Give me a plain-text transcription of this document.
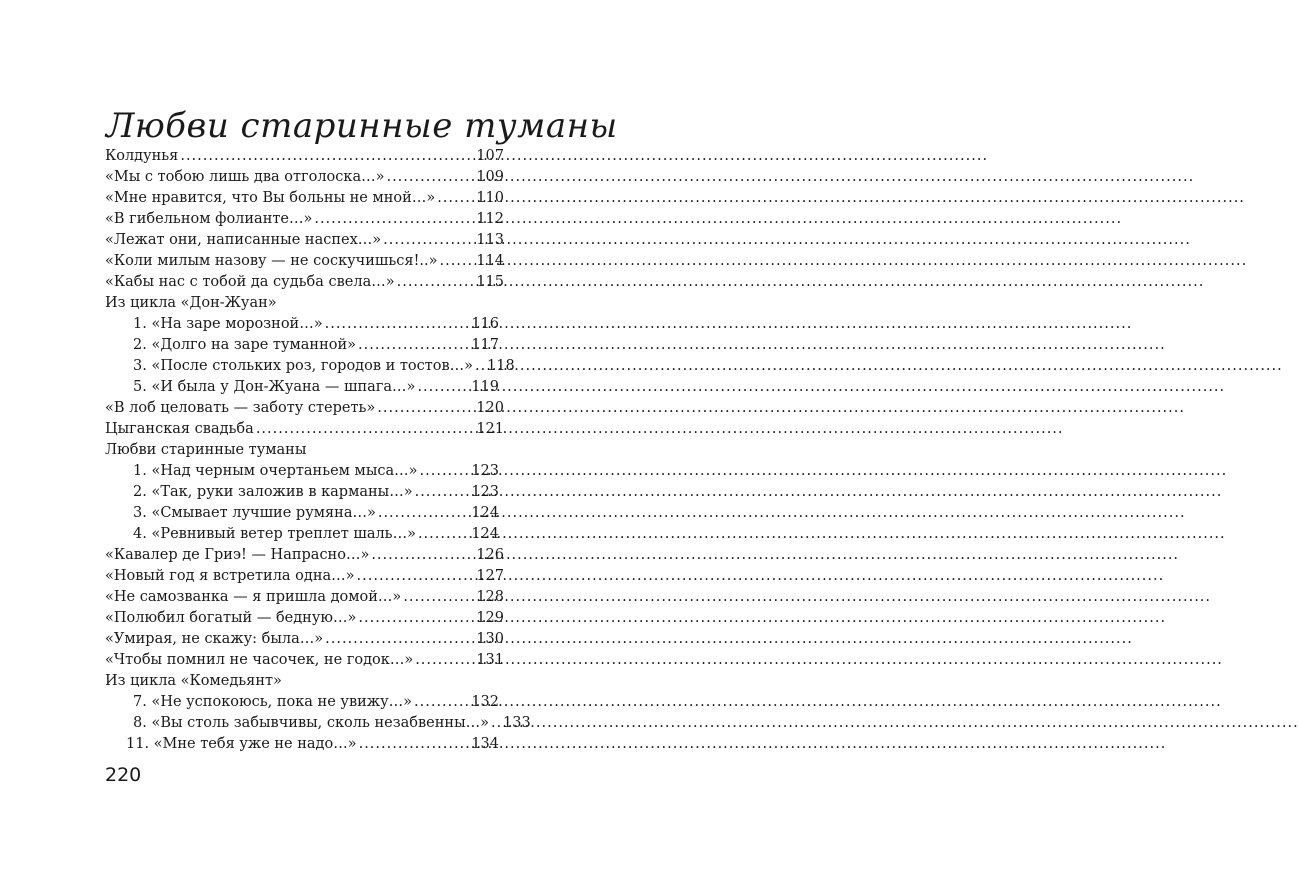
Любви старинные туманы
Колдунья .....	107
«Мы с тобою лишь два отголоска…» .....	109
«Мне нравится, что Вы больны не мной…» .....	110
«В гибельном фолианте…» .....	112
«Лежат они, написанные наспех…» .....	113
«Коли милым назову — не соскучишься!..» .....	114
«Кабы нас с тобой да судьба свела…» .....	115
Из цикла «Дон-Жуан»
1. «На заре морозной…» .....	116
2. «Долго на заре туманной» .....	117
3. «После стольких роз, городов и тостов…» ..... 118
5. «И была у Дон-Жуана — шпага…» .....	119
«В лоб целовать — заботу стереть» .....	120
Цыганская свадьба .....	121
Любви старинные туманы
1. «Над черным очертаньем мыса…» .....	123
2. «Так, руки заложив в карманы…» .....	123
3. «Смывает лучшие румяна…» .....	124
4. «Ревнивый ветер треплет шаль…» .....	124
«Кавалер де Гриэ! — Напрасно…» .....	126
«Новый год я встретила одна…» .....	127
«Не самозванка — я пришла домой…» .....	128
«Полюбил богатый — бедную…» .....	129
«Умирая, не скажу: была…» .....	130
«Чтобы помнил не часочек, не годок…» .....	131
Из цикла «Комедьянт»
7. «Не успокоюсь, пока не увижу…» .....	132
8. «Вы столь забывчивы, сколь незабвенны…» ..... 133
11. «Мне тебя уже не надо…» .....	134
220
